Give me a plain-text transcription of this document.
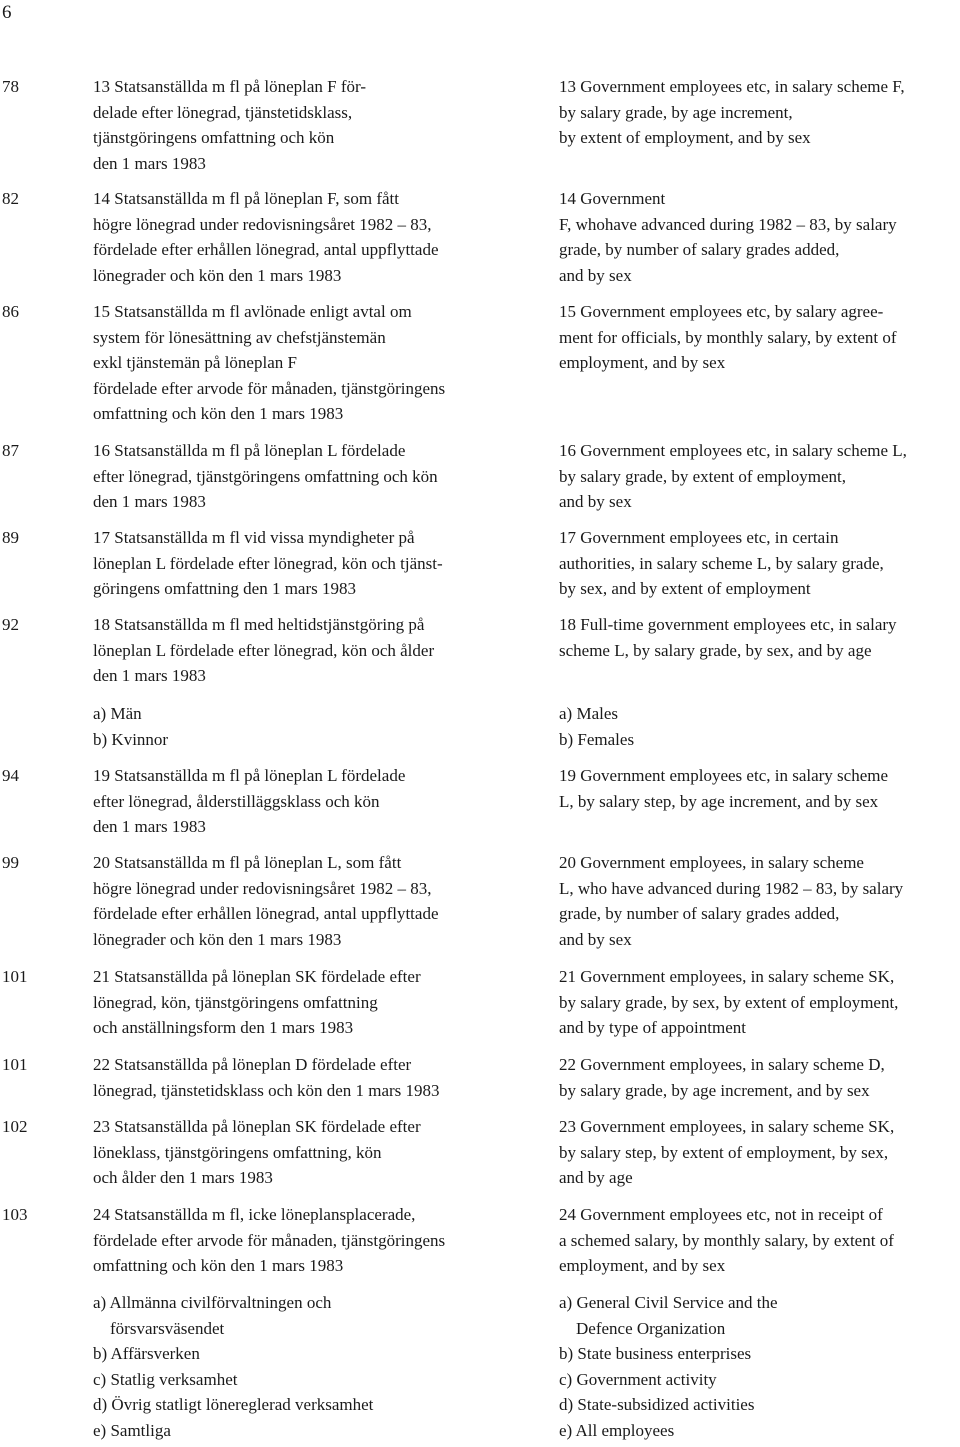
6
78	13 Statsanställda m fl på löneplan F för-
delade efter lönegrad, tjänstetidsklass,
tjänstgöringens omfattning och kön
den 1 mars 1983
13 Government employees etc, in salary scheme F,
by salary grade, by age increment,
by extent of employment, and by sex
82	14 Statsanställda m fl på löneplan F, som fått
högre lönegrad under redovisningsåret 1982 – 83,
fördelade efter erhållen lönegrad, antal uppflyttade
lönegrader och kön den 1 mars 1983
14 Government
F, whohave advanced during 1982 – 83, by salary
grade, by number of salary grades added,
and by sex
86	15 Statsanställda m fl avlönade enligt avtal om
system för lönesättning av chefstjänstemän
exkl tjänstemän på löneplan F
fördelade efter arvode för månaden, tjänstgöringens
omfattning och kön den 1 mars 1983
15 Government employees etc, by salary agree-
ment for officials, by monthly salary, by extent of
employment, and by sex
87	16 Statsanställda m fl på löneplan L fördelade
efter lönegrad, tjänstgöringens omfattning och kön
den 1 mars 1983
16 Government employees etc, in salary scheme L,
by salary grade, by extent of employment,
and by sex
89	17 Statsanställda m fl vid vissa myndigheter på
löneplan L fördelade efter lönegrad, kön och tjänst-
göringens omfattning den 1 mars 1983
17 Government employees etc, in certain
authorities, in salary scheme L, by salary grade,
by sex, and by extent of employment
92	18 Statsanställda m fl med heltidstjänstgöring på
löneplan L fördelade efter lönegrad, kön och ålder
den 1 mars 1983
18 Full-time government employees etc, in salary
scheme L, by salary grade, by sex, and by age
a) Män
b) Kvinnor
a) Males
b) Females
94	19 Statsanställda m fl på löneplan L fördelade
efter lönegrad, ålderstilläggsklass och kön
den 1 mars 1983
19 Government employees etc, in salary scheme
L, by salary step, by age increment, and by sex
99	20 Statsanställda m fl på löneplan L, som fått
högre lönegrad under redovisningsåret 1982 – 83,
fördelade efter erhållen lönegrad, antal uppflyttade
lönegrader och kön den 1 mars 1983
20 Government employees, in salary scheme
L, who have advanced during 1982 – 83, by salary
grade, by number of salary grades added,
and by sex
101	21 Statsanställda på löneplan SK fördelade efter
lönegrad, kön, tjänstgöringens omfattning
och anställningsform den 1 mars 1983
21 Government employees, in salary scheme SK,
by salary grade, by sex, by extent of employment,
and by type of appointment
101	22 Statsanställda på löneplan D fördelade efter
lönegrad, tjänstetidsklass och kön den 1 mars 1983
22 Government employees, in salary scheme D,
by salary grade, by age increment, and by sex
102	23 Statsanställda på löneplan SK fördelade efter
löneklass, tjänstgöringens omfattning, kön
och ålder den 1 mars 1983
23 Government employees, in salary scheme SK,
by salary step, by extent of employment, by sex,
and by age
103	24 Statsanställda m fl, icke löneplansplacerade,
fördelade efter arvode för månaden, tjänstgöringens
omfattning och kön den 1 mars 1983
24 Government employees etc, not in receipt of
a schemed salary, by monthly salary, by extent of
employment, and by sex
a) Allmänna civilförvaltningen och
försvarsväsendet
b) Affärsverken
c) Statlig verksamhet
d) Övrig statligt lönereglerad verksamhet
e) Samtliga
a) General Civil Service and the
Defence Organization
b) State business enterprises
c) Government activity
d) State-subsidized activities
e) All employees
